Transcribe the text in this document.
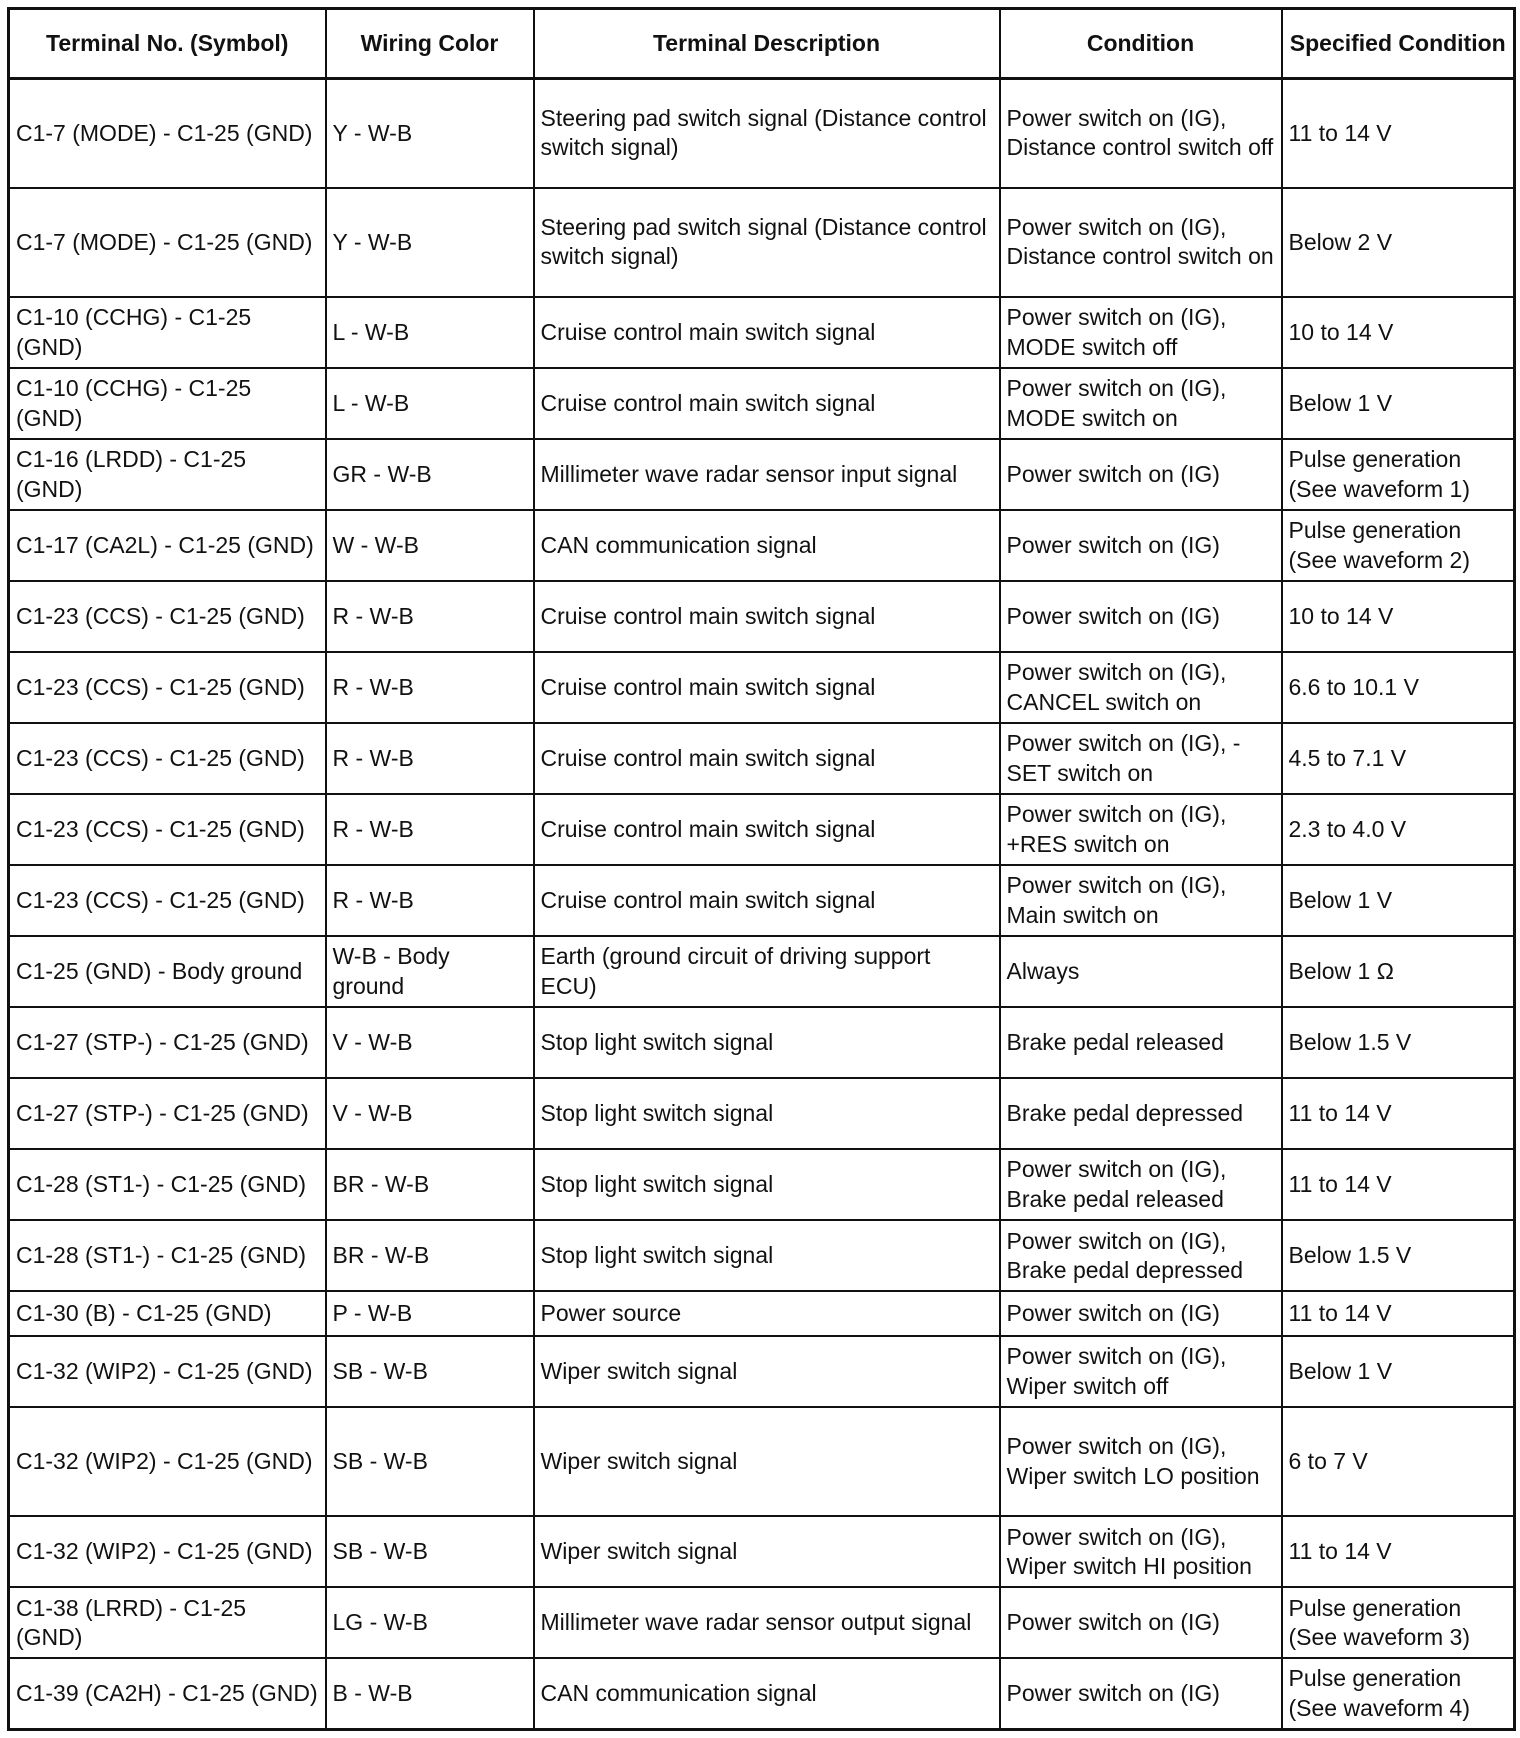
Terminal No. (Symbol)	Wiring Color	Terminal Description	Condition	Specified Condition
C1-7 (MODE) - C1-25 (GND)	Y - W-B	Steering pad switch signal (Distance control switch signal)	Power switch on (IG), Distance control switch off	11 to 14 V
C1-7 (MODE) - C1-25 (GND)	Y - W-B	Steering pad switch signal (Distance control switch signal)	Power switch on (IG), Distance control switch on	Below 2 V
C1-10 (CCHG) - C1-25 (GND)	L - W-B	Cruise control main switch signal	Power switch on (IG), MODE switch off	10 to 14 V
C1-10 (CCHG) - C1-25 (GND)	L - W-B	Cruise control main switch signal	Power switch on (IG), MODE switch on	Below 1 V
C1-16 (LRDD) - C1-25 (GND)	GR - W-B	Millimeter wave radar sensor input signal	Power switch on (IG)	Pulse generation (See waveform 1)
C1-17 (CA2L) - C1-25 (GND)	W - W-B	CAN communication signal	Power switch on (IG)	Pulse generation (See waveform 2)
C1-23 (CCS) - C1-25 (GND)	R - W-B	Cruise control main switch signal	Power switch on (IG)	10 to 14 V
C1-23 (CCS) - C1-25 (GND)	R - W-B	Cruise control main switch signal	Power switch on (IG), CANCEL switch on	6.6 to 10.1 V
C1-23 (CCS) - C1-25 (GND)	R - W-B	Cruise control main switch signal	Power switch on (IG), -SET switch on	4.5 to 7.1 V
C1-23 (CCS) - C1-25 (GND)	R - W-B	Cruise control main switch signal	Power switch on (IG), +RES switch on	2.3 to 4.0 V
C1-23 (CCS) - C1-25 (GND)	R - W-B	Cruise control main switch signal	Power switch on (IG), Main switch on	Below 1 V
C1-25 (GND) - Body ground	W-B - Body ground	Earth (ground circuit of driving support ECU)	Always	Below 1 Ω
C1-27 (STP-) - C1-25 (GND)	V - W-B	Stop light switch signal	Brake pedal released	Below 1.5 V
C1-27 (STP-) - C1-25 (GND)	V - W-B	Stop light switch signal	Brake pedal depressed	11 to 14 V
C1-28 (ST1-) - C1-25 (GND)	BR - W-B	Stop light switch signal	Power switch on (IG), Brake pedal released	11 to 14 V
C1-28 (ST1-) - C1-25 (GND)	BR - W-B	Stop light switch signal	Power switch on (IG), Brake pedal depressed	Below 1.5 V
C1-30 (B) - C1-25 (GND)	P - W-B	Power source	Power switch on (IG)	11 to 14 V
C1-32 (WIP2) - C1-25 (GND)	SB - W-B	Wiper switch signal	Power switch on (IG), Wiper switch off	Below 1 V
C1-32 (WIP2) - C1-25 (GND)	SB - W-B	Wiper switch signal	Power switch on (IG), Wiper switch LO position	6 to 7 V
C1-32 (WIP2) - C1-25 (GND)	SB - W-B	Wiper switch signal	Power switch on (IG), Wiper switch HI position	11 to 14 V
C1-38 (LRRD) - C1-25 (GND)	LG - W-B	Millimeter wave radar sensor output signal	Power switch on (IG)	Pulse generation (See waveform 3)
C1-39 (CA2H) - C1-25 (GND)	B - W-B	CAN communication signal	Power switch on (IG)	Pulse generation (See waveform 4)
